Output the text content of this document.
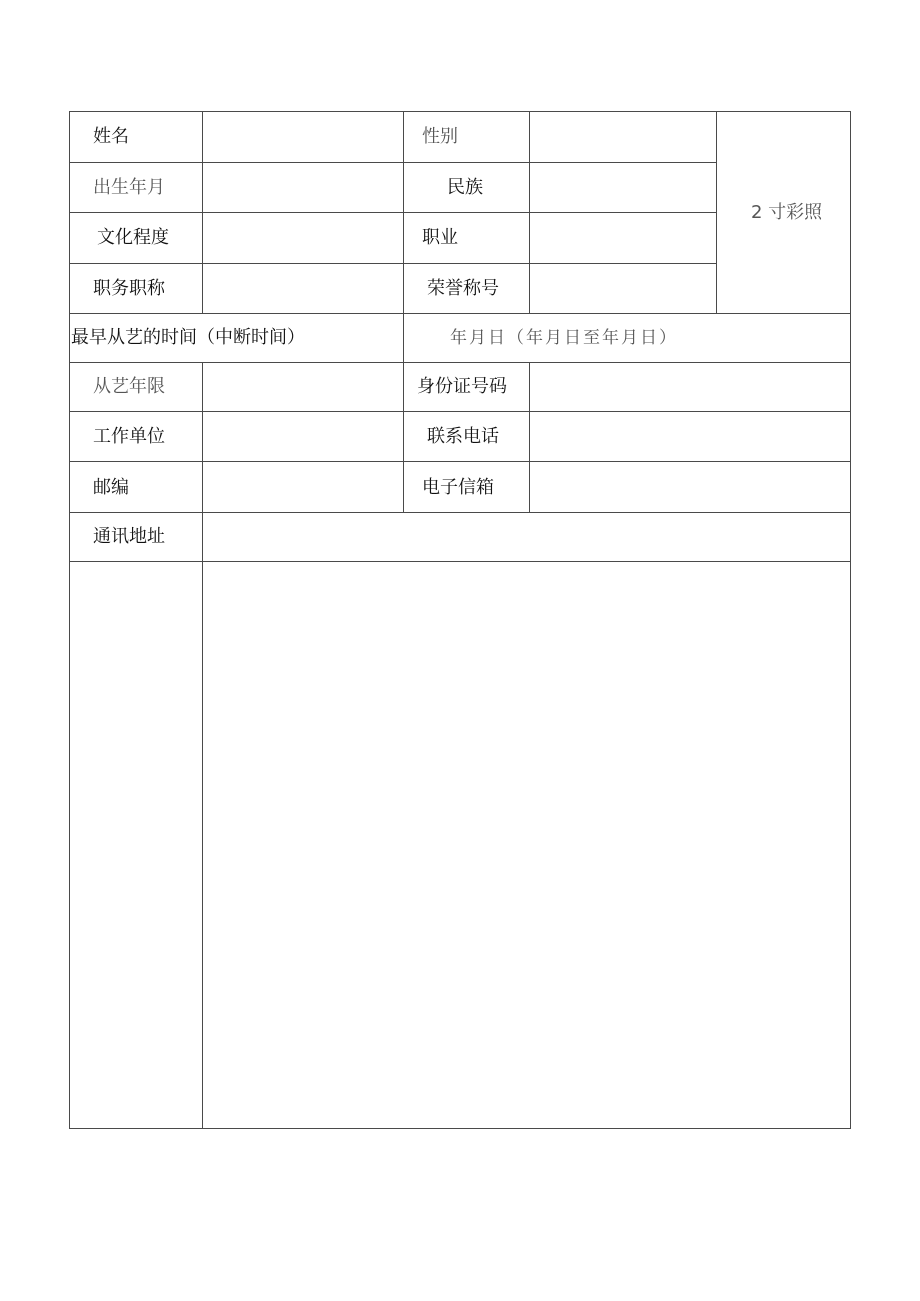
姓名	性别
出生年月	民族
文化程度	职业
职务职称	荣誉称号
2 寸彩照
最早从艺的时间（中断时间）	年月日（年月日至年月日）
从艺年限	身份证号码
工作单位	联系电话
邮编	电子信箱
通讯地址
